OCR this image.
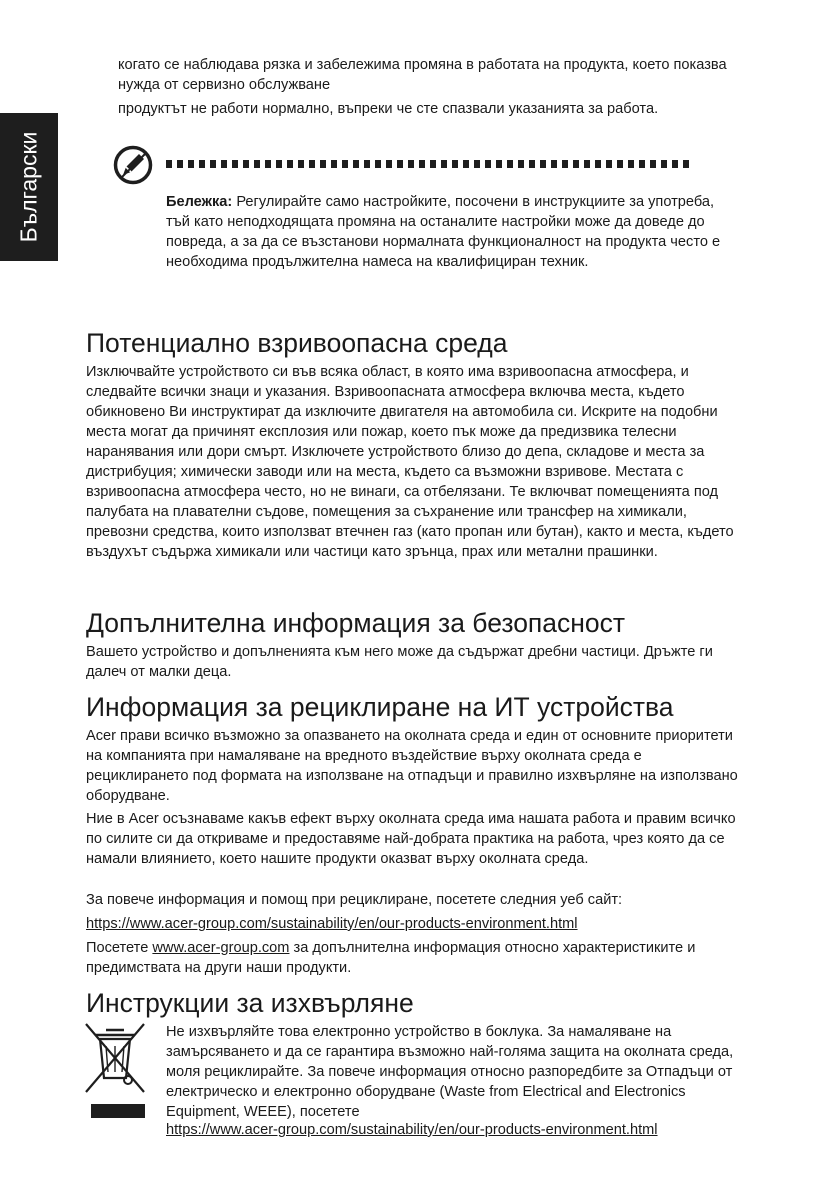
Български

когато се наблюдава рязка и забележима промяна в работата на продукта, което показва нужда от сервизно обслужване

продуктът не работи нормално, въпреки че сте спазвали указанията за работа.

Бележка: Регулирайте само настройките, посочени в инструкциите за употреба, тъй като неподходящата промяна на останалите настройки може да доведе до повреда, а за да се възстанови нормалната функционалност на продукта често е необходима продължителна намеса на квалифициран техник.

Потенциално взривоопасна среда

Изключвайте устройството си във всяка област, в която има взривоопасна атмосфера, и следвайте всички знаци и указания. Взривоопасната атмосфера включва места, където обикновено Ви инструктират да изключите двигателя на автомобила си. Искрите на подобни места могат да причинят експлозия или пожар, което пък може да предизвика телесни наранявания или дори смърт. Изключете устройството близо до депа, складове и места за дистрибуция; химически заводи или на места, където са възможни взривове. Местата с взривоопасна атмосфера често, но не винаги, са отбелязани. Те включват помещенията под палубата на плавателни съдове, помещения за съхранение или трансфер на химикали, превозни средства, които използват втечнен газ (като пропан или бутан), както и места, където въздухът съдържа химикали или частици като зрънца, прах или метални прашинки.

Допълнителна информация за безопасност

Вашето устройство и допълненията към него може да съдържат дребни частици. Дръжте ги далеч от малки деца.

Информация за рециклиране на ИТ устройства

Acer прави всичко възможно за опазването на околната среда и един от основните приоритети на компанията при намаляване на вредното въздействие върху околната среда е рециклирането под формата на използване на отпадъци и правилно изхвърляне на използвано оборудване.

Ние в Acer осъзнаваме какъв ефект върху околната среда има нашата работа и правим всичко по силите си да откриваме и предоставяме най-добрата практика на работа, чрез която да се намали влиянието, което нашите продукти оказват върху околната среда.

За повече информация и помощ при рециклиране, посетете следния уеб сайт:

https://www.acer-group.com/sustainability/en/our-products-environment.html

Посетете www.acer-group.com за допълнителна информация относно характеристиките и предимствата на други наши продукти.

Инструкции за изхвърляне

Не изхвърляйте това електронно устройство в боклука. За намаляване на замърсяването и да се гарантира възможно най-голяма защита на околната среда, моля рециклирайте. За повече информация относно разпоредбите за Отпадъци от електрическо и електронно оборудване (Waste from Electrical and Electronics Equipment, WEEE), посетете

https://www.acer-group.com/sustainability/en/our-products-environment.html
